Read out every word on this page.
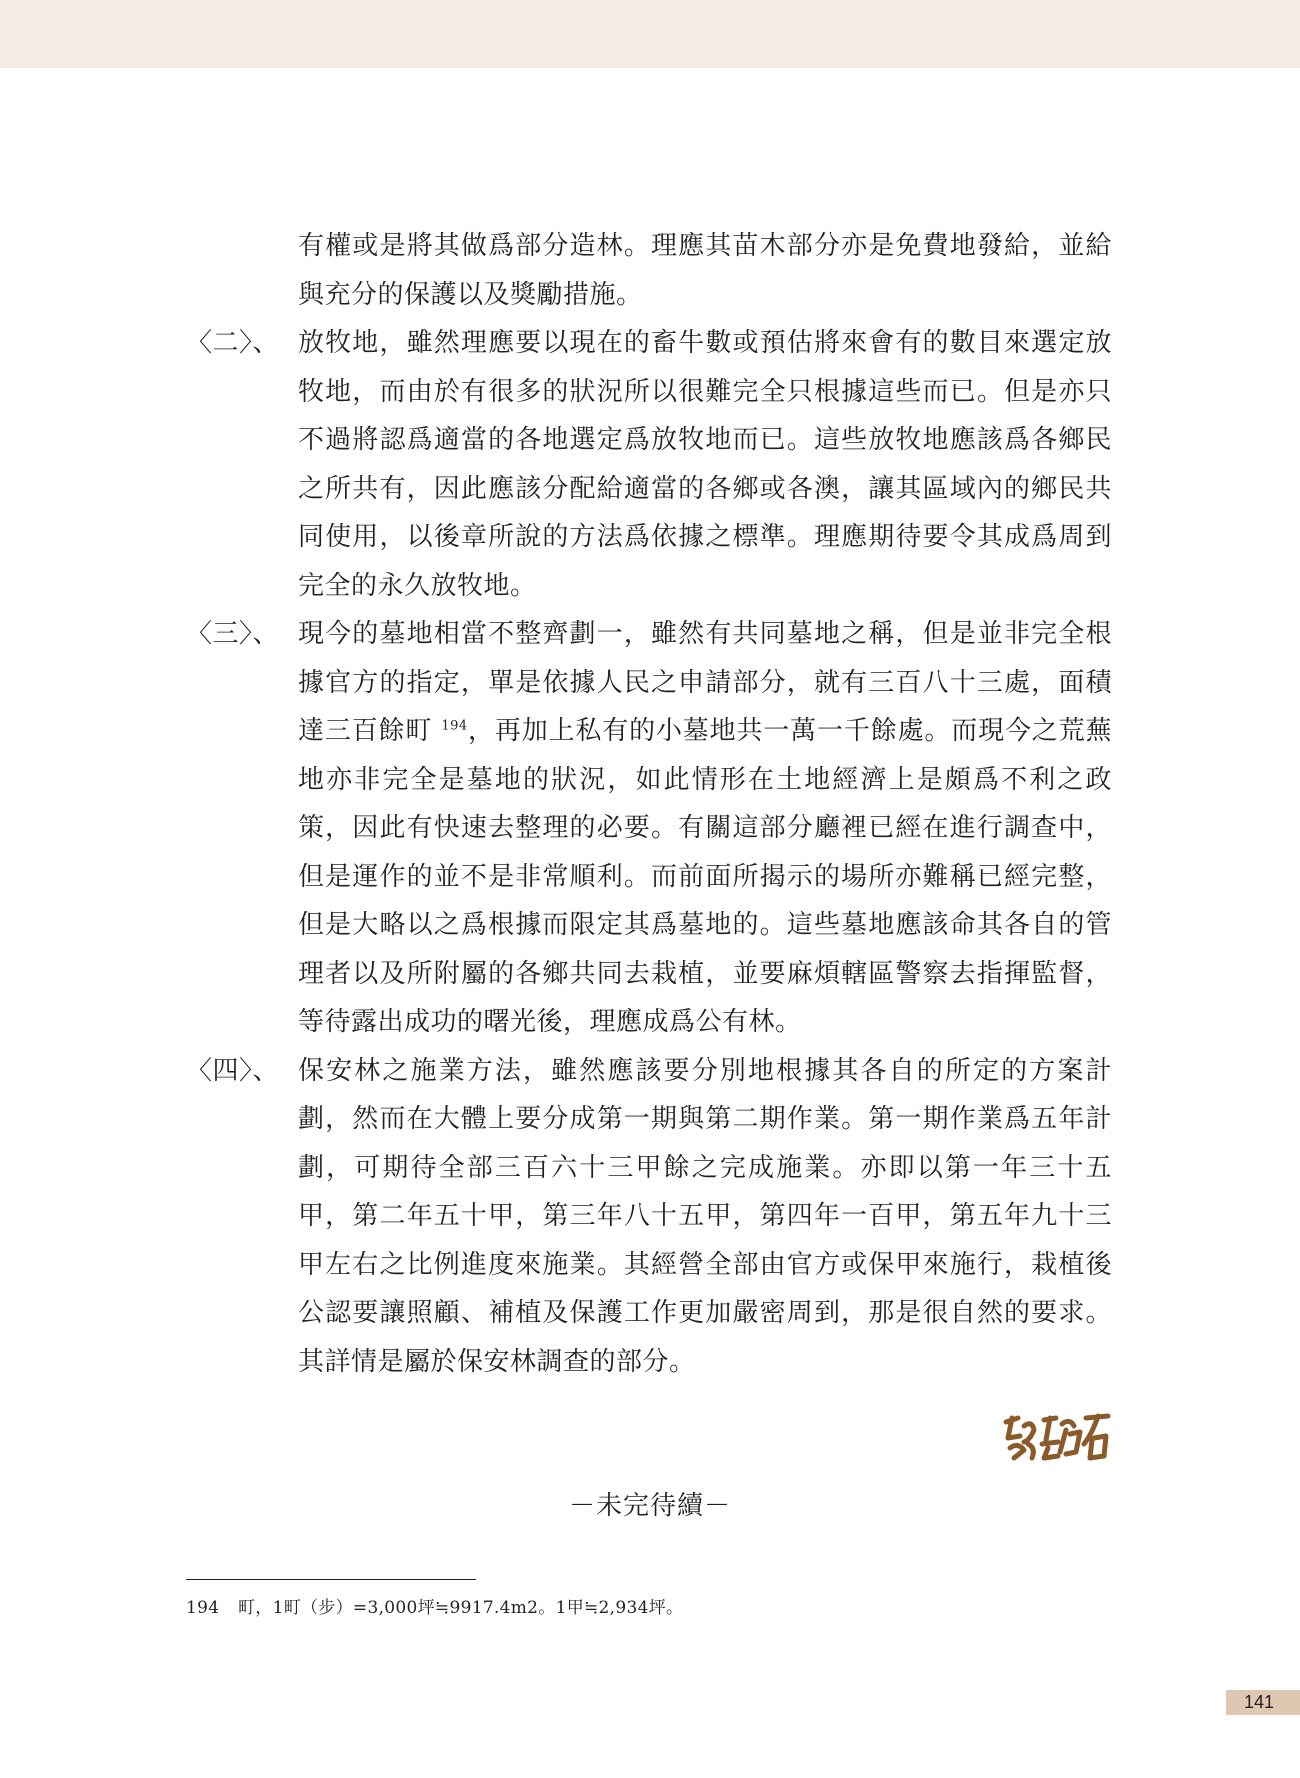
有權或是將其做爲部分造林。理應其苗木部分亦是免費地發給，並給與充分的保護以及獎勵措施。
〈二〉、 放牧地，雖然理應要以現在的畜牛數或預估將來會有的數目來選定放牧地，而由於有很多的狀況所以很難完全只根據這些而已。但是亦只不過將認爲適當的各地選定爲放牧地而已。這些放牧地應該爲各鄉民之所共有，因此應該分配給適當的各鄉或各澳，讓其區域內的鄉民共同使用，以後章所說的方法爲依據之標準。理應期待要令其成爲周到完全的永久放牧地。
〈三〉、 現今的墓地相當不整齊劃一，雖然有共同墓地之稱，但是並非完全根據官方的指定，單是依據人民之申請部分，就有三百八十三處，面積達三百餘町 $^{194}$，再加上私有的小墓地共一萬一千餘處。而現今之荒蕪地亦非完全是墓地的狀況，如此情形在土地經濟上是頗爲不利之政策，因此有快速去整理的必要。有關這部分廳裡已經在進行調查中，但是運作的並不是非常順利。而前面所揭示的場所亦難稱已經完整，但是大略以之爲根據而限定其爲墓地的。這些墓地應該命其各自的管理者以及所附屬的各鄉共同去栽植，並要麻煩轄區警察去指揮監督，等待露出成功的曙光後，理應成爲公有林。
〈四〉、 保安林之施業方法，雖然應該要分別地根據其各自的所定的方案計劃，然而在大體上要分成第一期與第二期作業。第一期作業爲五年計劃，可期待全部三百六十三甲餘之完成施業。亦即以第一年三十五甲，第二年五十甲，第三年八十五甲，第四年一百甲，第五年九十三甲左右之比例進度來施業。其經營全部由官方或保甲來施行，栽植後公認要讓照顧、補植及保護工作更加嚴密周到，那是很自然的要求。其詳情是屬於保安林調查的部分。
－未完待續－
194 町，1町（步）=3,000坪≒9917.4m2。1甲≒2,934坪。
141
